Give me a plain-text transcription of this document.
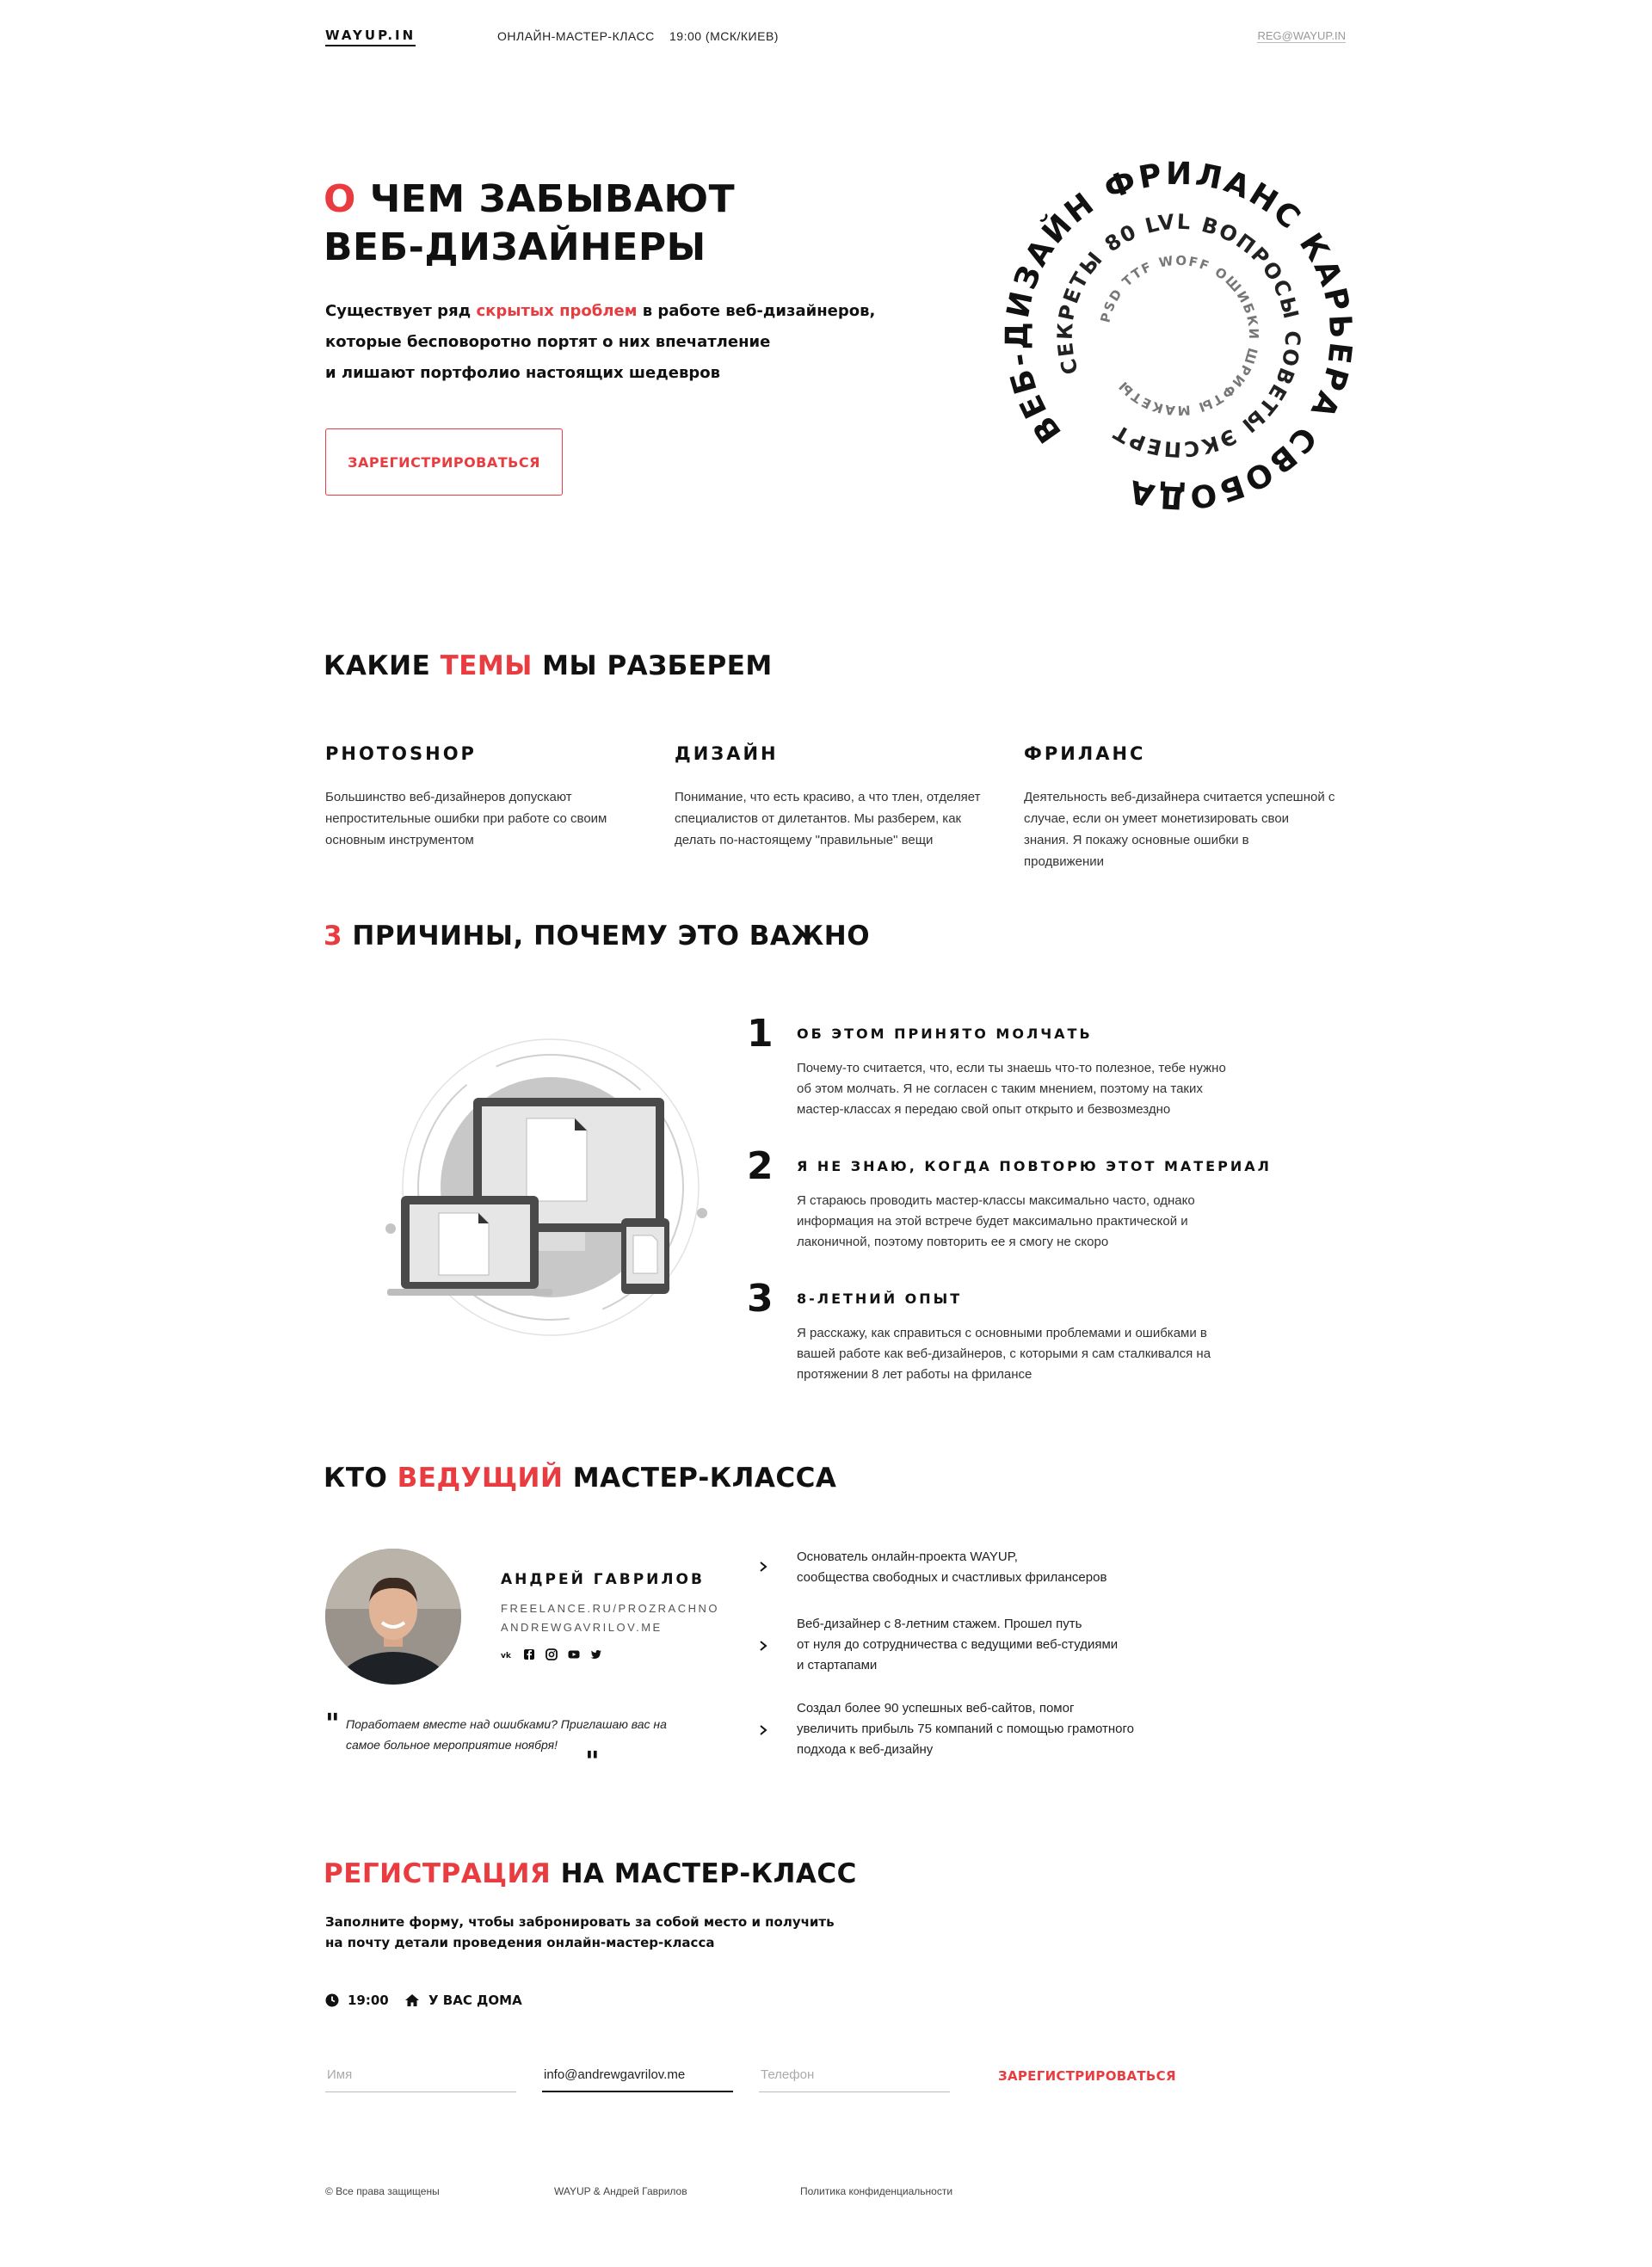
WAYUP.IN	ОНЛАЙН-МАСТЕР-КЛАСС 19:00 (МСК/КИЕВ)	REG@WAYUP.IN
О ЧЕМ ЗАБЫВАЮТ
ВЕБ-ДИЗАЙНЕРЫ
Существует ряд скрытых проблем в работе веб-дизайнеров,
которые бесповоротно портят о них впечатление
и лишают портфолио настоящих шедевров
ЗАРЕГИСТРИРОВАТЬСЯ
ВЕБ-ДИЗАЙН ФРИЛАНС КАРЬЕРА СВОБОДА
СЕКРЕТЫ 80 LVL ВОПРОСЫ СОВЕТЫ ЭКСПЕРТ
PSD TTF WOFF ОШИБКИ ШРИФТЫ МАКЕТЫ
КАКИЕ ТЕМЫ МЫ РАЗБЕРЕМ
PHOTOSHOP
Большинство веб-дизайнеров допускают
непростительные ошибки при работе со своим
основным инструментом
ДИЗАЙН
Понимание, что есть красиво, а что тлен, отделяет
специалистов от дилетантов. Мы разберем, как
делать по-настоящему "правильные" вещи
ФРИЛАНС
Деятельность веб-дизайнера считается успешной с
случае, если он умеет монетизировать свои
знания. Я покажу основные ошибки в
продвижении
3 ПРИЧИНЫ, ПОЧЕМУ ЭТО ВАЖНО
1 ОБ ЭТОМ ПРИНЯТО МОЛЧАТЬ
Почему-то считается, что, если ты знаешь что-то полезное, тебе нужно
об этом молчать. Я не согласен с таким мнением, поэтому на таких
мастер-классах я передаю свой опыт открыто и безвозмездно
2 Я НЕ ЗНАЮ, КОГДА ПОВТОРЮ ЭТОТ МАТЕРИАЛ
Я стараюсь проводить мастер-классы максимально часто, однако
информация на этой встрече будет максимально практической и
лаконичной, поэтому повторить ее я смогу не скоро
3 8-ЛЕТНИЙ ОПЫТ
Я расскажу, как справиться с основными проблемами и ошибками в
вашей работе как веб-дизайнеров, с которыми я сам сталкивался на
протяжении 8 лет работы на фрилансе
КТО ВЕДУЩИЙ МАСТЕР-КЛАССА
АНДРЕЙ ГАВРИЛОВ
FREELANCE.RU/PROZRACHNO
ANDREWGAVRILOV.ME
vk
" Поработаем вместе над ошибками? Приглашаю вас на
самое больное мероприятие ноября!	"
Основатель онлайн-проекта WAYUP,
сообщества свободных и счастливых фрилансеров
Веб-дизайнер с 8-летним стажем. Прошел путь
от нуля до сотрудничества с ведущими веб-студиями
и стартапами
Создал более 90 успешных веб-сайтов, помог
увеличить прибыль 75 компаний с помощью грамотного
подхода к веб-дизайну
РЕГИСТРАЦИЯ НА МАСТЕР-КЛАСС
Заполните форму, чтобы забронировать за собой место и получить
на почту детали проведения онлайн-мастер-класса
19:00	У ВАС ДОМА
Имя
info@andrewgavrilov.me
Телефон
ЗАРЕГИСТРИРОВАТЬСЯ
© Все права защищены	WAYUP & Андрей Гаврилов	Политика конфиденциальности
